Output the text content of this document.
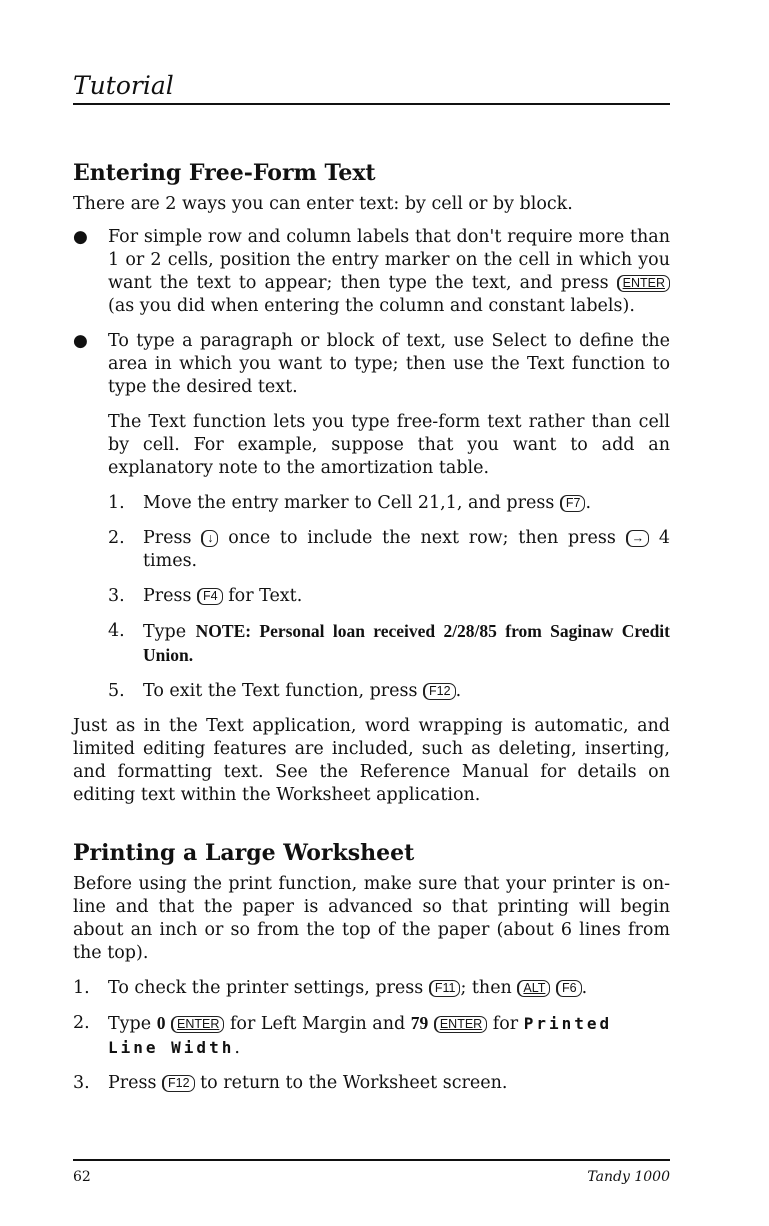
Tutorial
Entering Free-Form Text

There are 2 ways you can enter text: by cell or by block.

● For simple row and column labels that don't require more than 1 or 2 cells, position the entry marker on the cell in which you want the text to appear; then type the text, and press ENTER (as you did when entering the column and constant labels).
● To type a paragraph or block of text, use Select to define the area in which you want to type; then use the Text function to type the desired text.

The Text function lets you type free-form text rather than cell by cell. For example, suppose that you want to add an explanatory note to the amortization table.

1. Move the entry marker to Cell 21,1, and press F7 .
2. Press ↓ once to include the next row; then press → 4 times.
3. Press F4 for Text.
4. Type NOTE: Personal loan received 2/28/85 from Saginaw Credit Union.
5. To exit the Text function, press F12 .

Just as in the Text application, word wrapping is automatic, and limited editing features are included, such as deleting, inserting, and formatting text. See the Reference Manual for details on editing text within the Worksheet application.

Printing a Large Worksheet

Before using the print function, make sure that your printer is on-line and that the paper is advanced so that printing will begin about an inch or so from the top of the paper (about 6 lines from the top).

1. To check the printer settings, press F11 ; then ALT F6 .
2. Type 0 ENTER for Left Margin and 79 ENTER for Printed Line Width.
3. Press F12 to return to the Worksheet screen.
62	Tandy 1000
